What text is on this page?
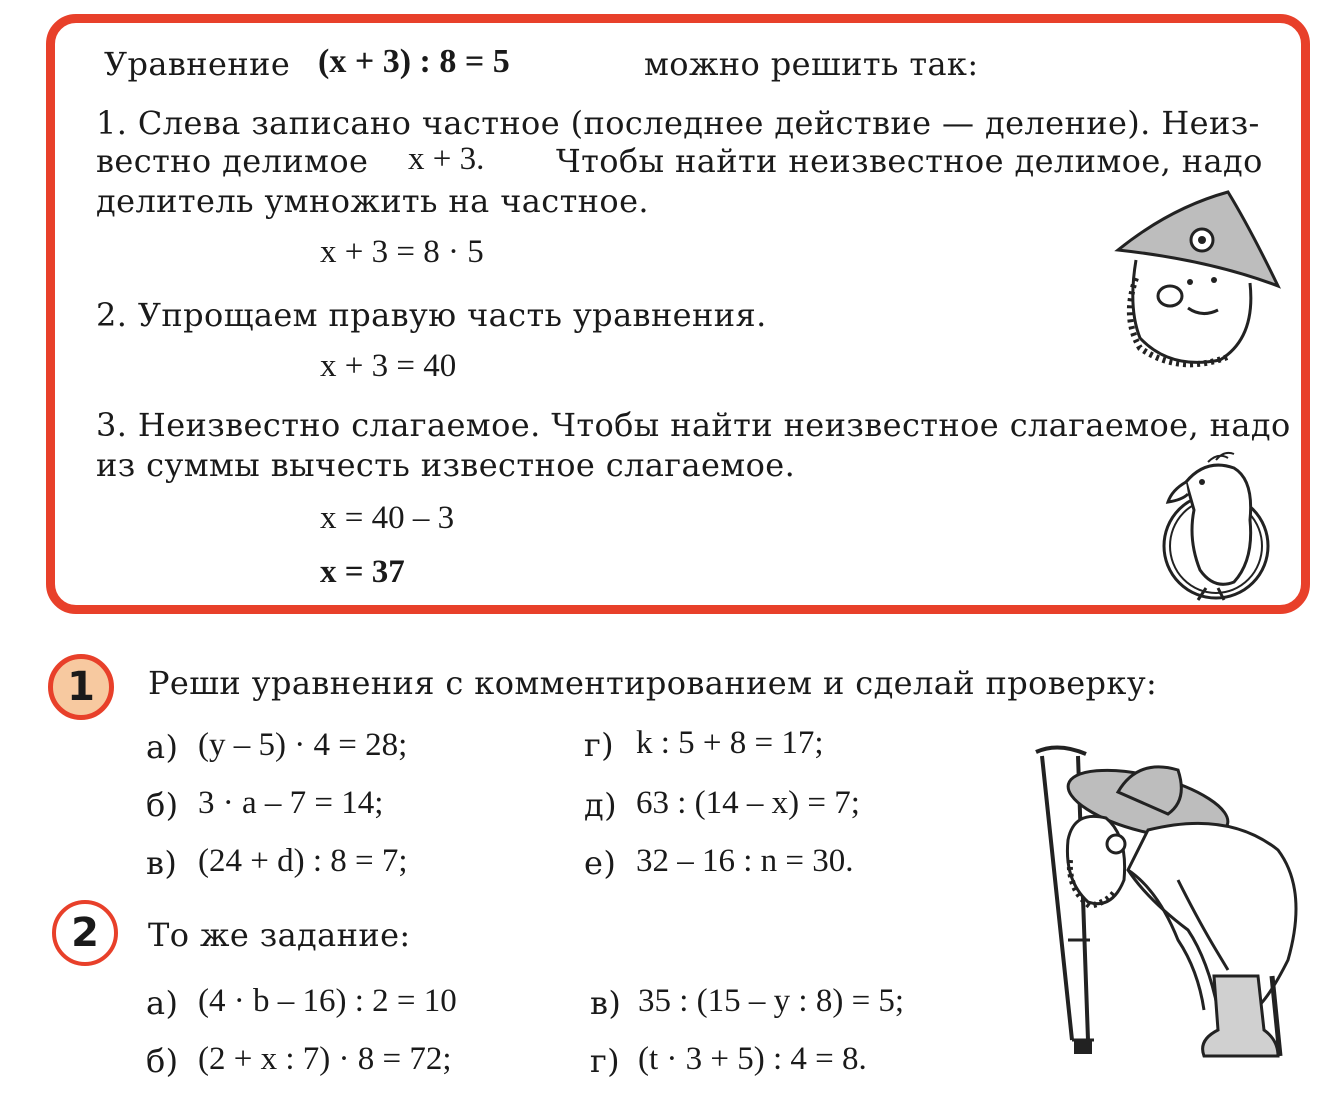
Уравнение (x + 3) : 8 = 5	можно решить так:
1. Слева записано частное (последнее действие — деление). Неиз-
вестно делимое x + 3. Чтобы найти неизвестное делимое, надо
делитель умножить на частное.
x + 3 = 8 · 5
2. Упрощаем правую часть уравнения.
x + 3 = 40
3. Неизвестно слагаемое. Чтобы найти неизвестное слагаемое, надо
из суммы вычесть известное слагаемое.
x = 40 – 3
x = 37
1 Реши уравнения с комментированием и сделай проверку:
а) (y – 5) · 4 = 28;
б) 3 · a – 7 = 14;
в) (24 + d) : 8 = 7;
г) k : 5 + 8 = 17;
д) 63 : (14 – x) = 7;
е) 32 – 16 : n = 30.
2 То же задание:
а) (4 · b – 16) : 2 = 10
б) (2 + x : 7) · 8 = 72;
в) 35 : (15 – y : 8) = 5;
г) (t · 3 + 5) : 4 = 8.
